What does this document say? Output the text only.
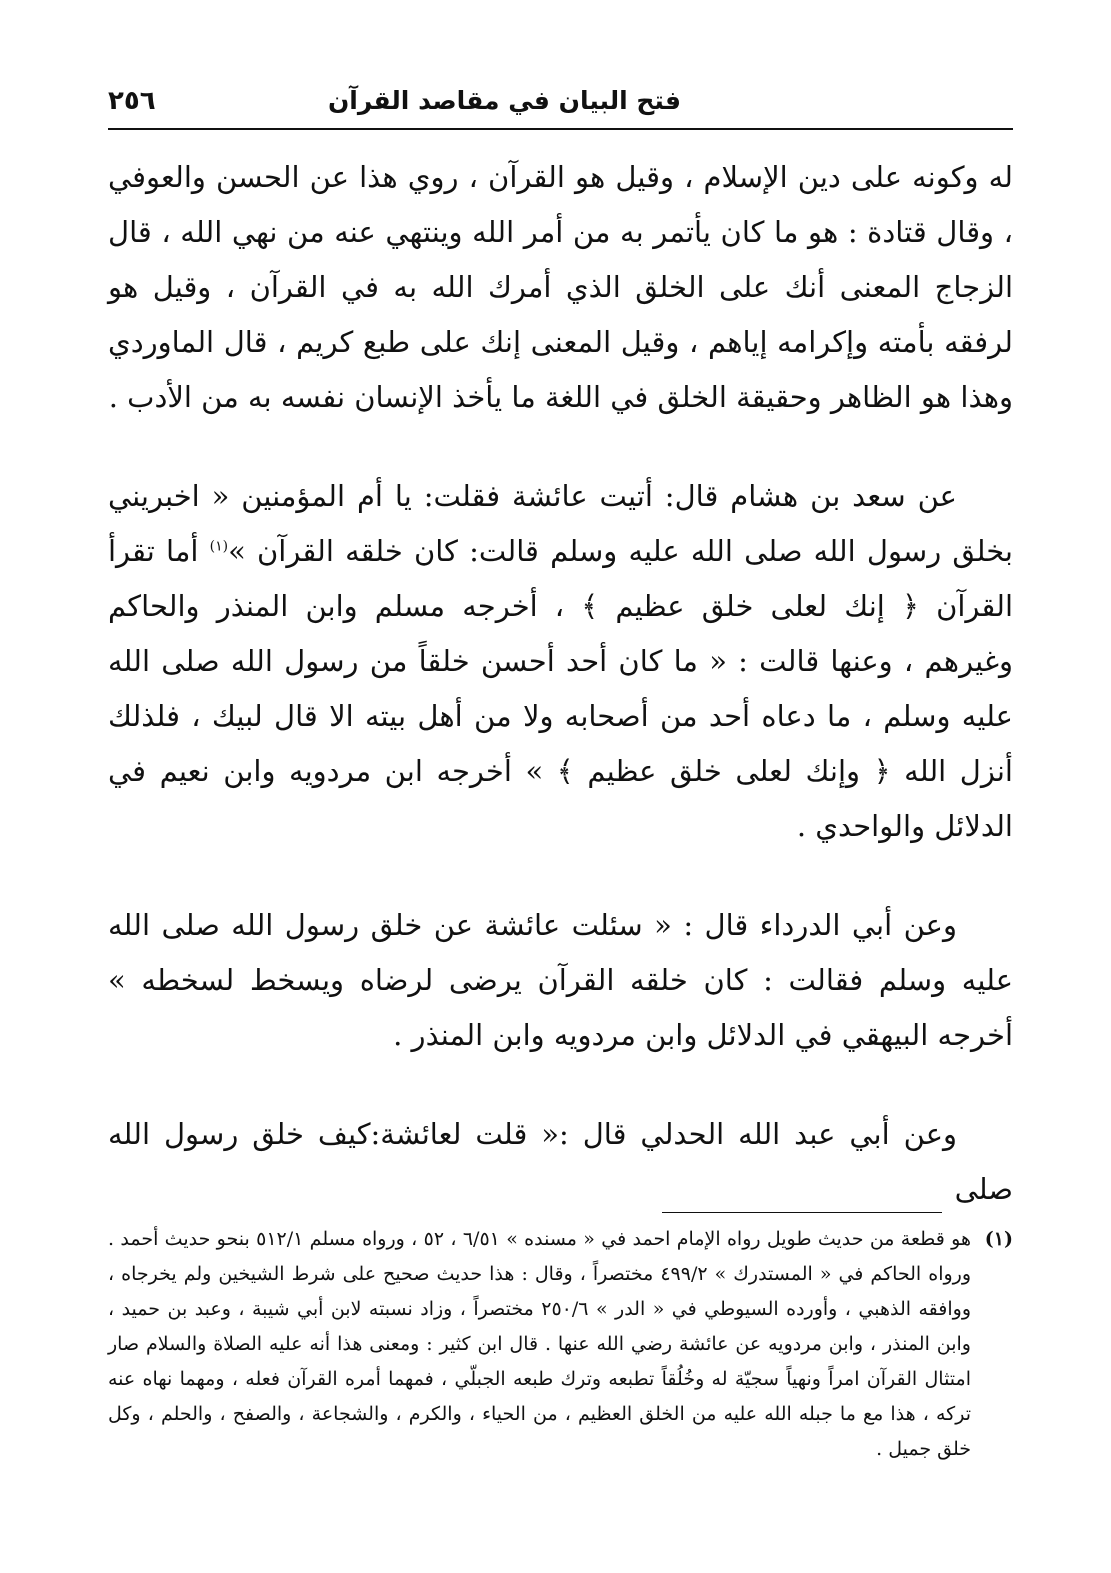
٢٥٦	فتح البيان في مقاصد القرآن

له وكونه على دين الإسلام ، وقيل هو القرآن ، روي هذا عن الحسن والعوفي ، وقال قتادة : هو ما كان يأتمر به من أمر الله وينتهي عنه من نهي الله ، قال الزجاج المعنى أنك على الخلق الذي أمرك الله به في القرآن ، وقيل هو لرفقه بأمته وإكرامه إياهم ، وقيل المعنى إنك على طبع كريم ، قال الماوردي وهذا هو الظاهر وحقيقة الخلق في اللغة ما يأخذ الإنسان نفسه به من الأدب .

عن سعد بن هشام قال: أتيت عائشة فقلت: يا أم المؤمنين « اخبريني بخلق رسول الله صلى الله عليه وسلم قالت: كان خلقه القرآن »$^{(١)}$ أما تقرأ القرآن ﴿ إنك لعلى خلق عظيم ﴾ ، أخرجه مسلم وابن المنذر والحاكم وغيرهم ، وعنها قالت : « ما كان أحد أحسن خلقاً من رسول الله صلى الله عليه وسلم ، ما دعاه أحد من أصحابه ولا من أهل بيته الا قال لبيك ، فلذلك أنزل الله ﴿ وإنك لعلى خلق عظيم ﴾ » أخرجه ابن مردويه وابن نعيم في الدلائل والواحدي .

وعن أبي الدرداء قال : « سئلت عائشة عن خلق رسول الله صلى الله عليه وسلم فقالت : كان خلقه القرآن يرضى لرضاه ويسخط لسخطه » أخرجه البيهقي في الدلائل وابن مردويه وابن المنذر .

وعن أبي عبد الله الحدلي قال :« قلت لعائشة:كيف خلق رسول الله صلى

(١)
هو قطعة من حديث طويل رواه الإمام احمد في « مسنده » ٦/٥١ ، ٥٢ ، ورواه مسلم ٥١٢/١ بنحو حديث أحمد . ورواه الحاكم في « المستدرك » ٤٩٩/٢ مختصراً ، وقال : هذا حديث صحيح على شرط الشيخين ولم يخرجاه ، ووافقه الذهبي ، وأورده السيوطي في « الدر » ٢٥٠/٦ مختصراً ، وزاد نسبته لابن أبي شيبة ، وعبد بن حميد ، وابن المنذر ، وابن مردويه عن عائشة رضي الله عنها . قال ابن كثير : ومعنى هذا أنه عليه الصلاة والسلام صار امتثال القرآن امراً ونهياً سجيّة له وخُلُقاً تطبعه وترك طبعه الجبلّي ، فمهما أمره القرآن فعله ، ومهما نهاه عنه تركه ، هذا مع ما جبله الله عليه من الخلق العظيم ، من الحياء ، والكرم ، والشجاعة ، والصفح ، والحلم ، وكل خلق جميل .
